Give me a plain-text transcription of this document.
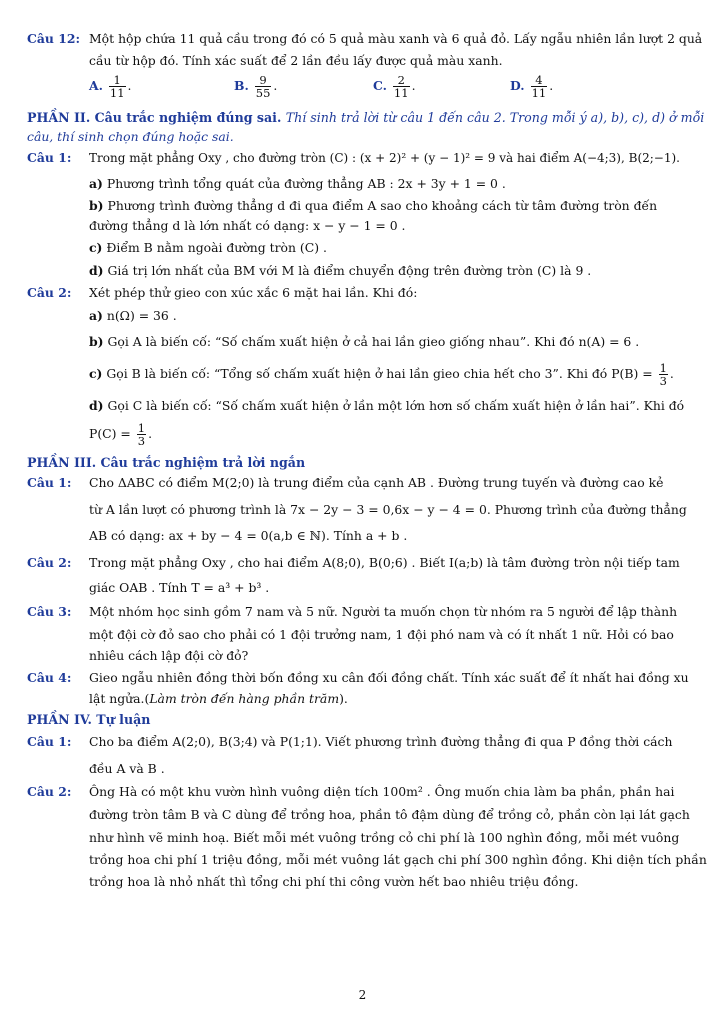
Câu 12: Một hộp chứa 11 quả cầu trong đó có 5 quả màu xanh và 6 quả đỏ. Lấy ngẫu nhiên lần lượt 2 quả
cầu từ hộp đó. Tính xác suất để 2 lần đều lấy được quả màu xanh.
A. $\frac{1}{11}$ .	B. $\frac{9}{55}$ .	C. $\frac{2}{11}$ .	D. $\frac{4}{11}$ .
PHẦN II. Câu trắc nghiệm đúng sai. Thí sinh trả lời từ câu 1 đến câu 2. Trong mỗi ý a), b), c), d) ở mỗi
câu, thí sinh chọn đúng hoặc sai.
Câu 1: Trong mặt phẳng Oxy , cho đường tròn (C) : (x + 2)² + (y − 1)² = 9 và hai điểm A(−4;3), B(2;−1).
a) Phương trình tổng quát của đường thẳng AB : 2x + 3y + 1 = 0 .
b) Phương trình đường thẳng d đi qua điểm A sao cho khoảng cách từ tâm đường tròn đến
đường thẳng d là lớn nhất có dạng: x − y − 1 = 0 .
c) Điểm B nằm ngoài đường tròn (C) .
d) Giá trị lớn nhất của BM với M là điểm chuyển động trên đường tròn (C) là 9 .
Câu 2: Xét phép thử gieo con xúc xắc 6 mặt hai lần. Khi đó:
a) n(Ω) = 36 .
b) Gọi A là biến cố: “Số chấm xuất hiện ở cả hai lần gieo giống nhau”. Khi đó n(A) = 6 .
c) Gọi B là biến cố: “Tổng số chấm xuất hiện ở hai lần gieo chia hết cho 3”. Khi đó $P(B) = \frac{1}{3}$ .
d) Gọi C là biến cố: “Số chấm xuất hiện ở lần một lớn hơn số chấm xuất hiện ở lần hai”. Khi đó
$P(C) = \frac{1}{3}$ .
PHẦN III. Câu trắc nghiệm trả lời ngắn
Câu 1: Cho ΔABC có điểm M(2;0) là trung điểm của cạnh AB . Đường trung tuyến và đường cao kẻ
từ A lần lượt có phương trình là 7x − 2y − 3 = 0,6x − y − 4 = 0. Phương trình của đường thẳng
AB có dạng: ax + by − 4 = 0(a,b ∈ ℕ). Tính a + b .
Câu 2: Trong mặt phẳng Oxy , cho hai điểm A(8;0), B(0;6) . Biết I(a;b) là tâm đường tròn nội tiếp tam
giác OAB . Tính T = a³ + b³ .
Câu 3: Một nhóm học sinh gồm 7 nam và 5 nữ. Người ta muốn chọn từ nhóm ra 5 người để lập thành
một đội cờ đỏ sao cho phải có 1 đội trưởng nam, 1 đội phó nam và có ít nhất 1 nữ. Hỏi có bao
nhiêu cách lập đội cờ đỏ?
Câu 4: Gieo ngẫu nhiên đồng thời bốn đồng xu cân đối đồng chất. Tính xác suất để ít nhất hai đồng xu
lật ngửa.(Làm tròn đến hàng phần trăm).
PHẦN IV. Tự luận
Câu 1: Cho ba điểm A(2;0), B(3;4) và P(1;1). Viết phương trình đường thẳng đi qua P đồng thời cách
đều A và B .
Câu 2: Ông Hà có một khu vườn hình vuông diện tích 100m² . Ông muốn chia làm ba phần, phần hai
đường tròn tâm B và C dùng để trồng hoa, phần tô đậm dùng để trồng cỏ, phần còn lại lát gạch
như hình vẽ minh hoạ. Biết mỗi mét vuông trồng cỏ chi phí là 100 nghìn đồng, mỗi mét vuông
trồng hoa chi phí 1 triệu đồng, mỗi mét vuông lát gạch chi phí 300 nghìn đồng. Khi diện tích phần
trồng hoa là nhỏ nhất thì tổng chi phí thi công vườn hết bao nhiêu triệu đồng.
2
